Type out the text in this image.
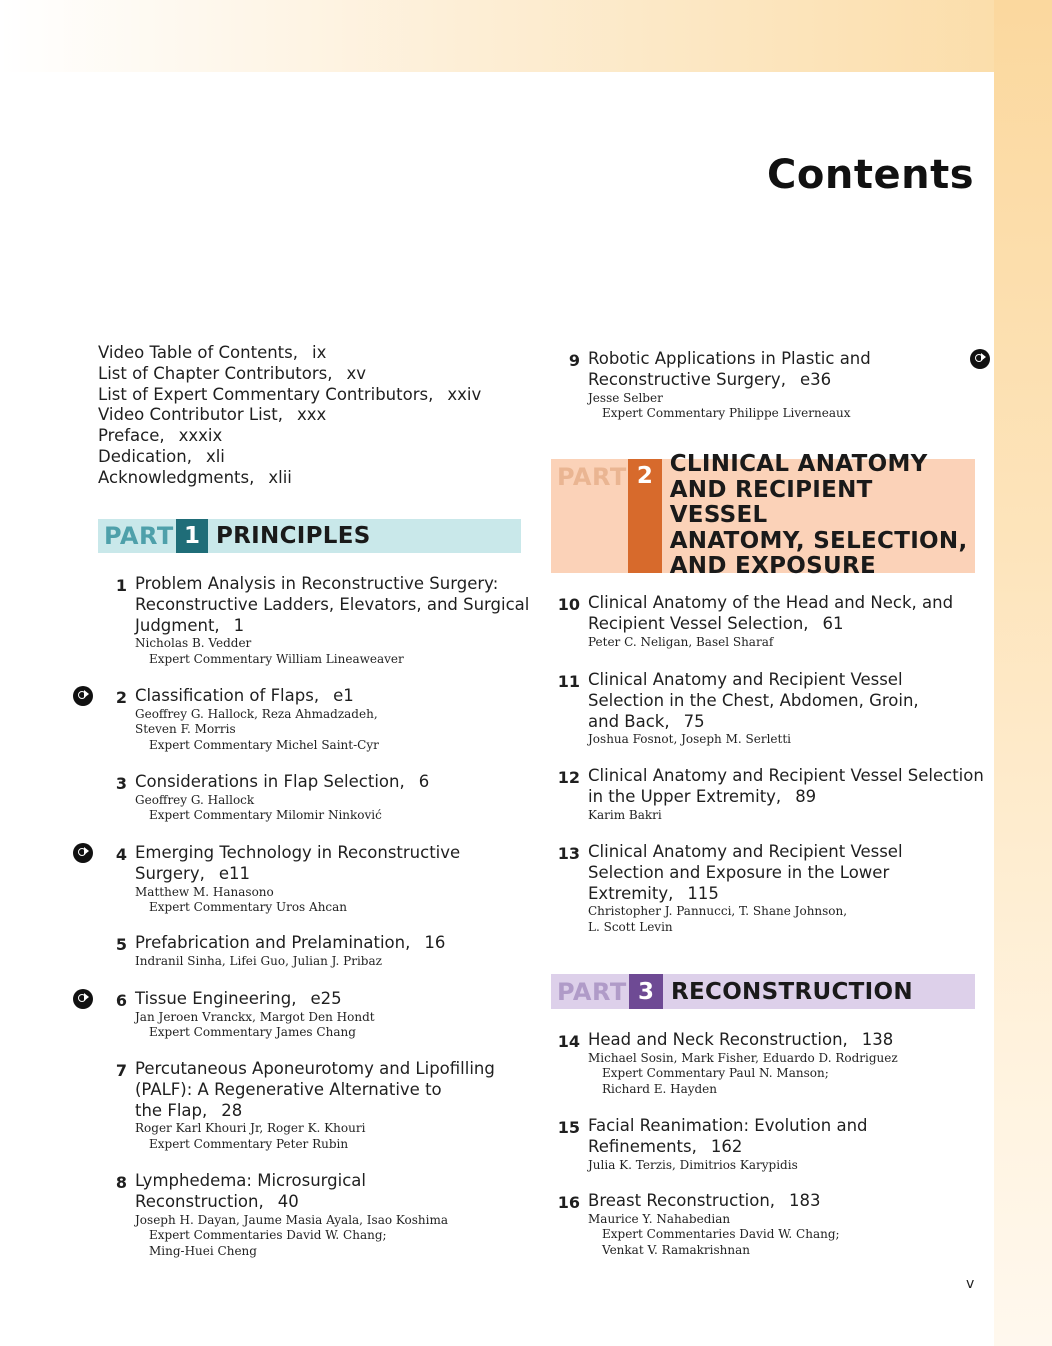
Contents
Video Table of Contents, ix
List of Chapter Contributors, xv
List of Expert Commentary Contributors, xxiv
Video Contributor List, xxx
Preface, xxxix
Dedication, xli
Acknowledgments, xlii
PART 1 PRINCIPLES
PART 2 CLINICAL ANATOMY
AND RECIPIENT VESSEL
ANATOMY, SELECTION,
AND EXPOSURE
PART 3 RECONSTRUCTION
1 Problem Analysis in Reconstructive Surgery:
Reconstructive Ladders, Elevators, and Surgical
Judgment, 1
Nicholas B. Vedder
Expert Commentary William Lineaweaver
2 Classification of Flaps, e1
Geoffrey G. Hallock, Reza Ahmadzadeh,
Steven F. Morris
Expert Commentary Michel Saint-Cyr
3 Considerations in Flap Selection, 6
Geoffrey G. Hallock
Expert Commentary Milomir Ninković
4 Emerging Technology in Reconstructive
Surgery, e11
Matthew M. Hanasono
Expert Commentary Uros Ahcan
5 Prefabrication and Prelamination, 16
Indranil Sinha, Lifei Guo, Julian J. Pribaz
6 Tissue Engineering, e25
Jan Jeroen Vranckx, Margot Den Hondt
Expert Commentary James Chang
7 Percutaneous Aponeurotomy and Lipofilling
(PALF): A Regenerative Alternative to
the Flap, 28
Roger Karl Khouri Jr, Roger K. Khouri
Expert Commentary Peter Rubin
8 Lymphedema: Microsurgical
Reconstruction, 40
Joseph H. Dayan, Jaume Masia Ayala, Isao Koshima
Expert Commentaries David W. Chang;
Ming-Huei Cheng
9 Robotic Applications in Plastic and
Reconstructive Surgery, e36
Jesse Selber
Expert Commentary Philippe Liverneaux
10 Clinical Anatomy of the Head and Neck, and
Recipient Vessel Selection, 61
Peter C. Neligan, Basel Sharaf
11 Clinical Anatomy and Recipient Vessel
Selection in the Chest, Abdomen, Groin,
and Back, 75
Joshua Fosnot, Joseph M. Serletti
12 Clinical Anatomy and Recipient Vessel Selection
in the Upper Extremity, 89
Karim Bakri
13 Clinical Anatomy and Recipient Vessel
Selection and Exposure in the Lower
Extremity, 115
Christopher J. Pannucci, T. Shane Johnson,
L. Scott Levin
14 Head and Neck Reconstruction, 138
Michael Sosin, Mark Fisher, Eduardo D. Rodriguez
Expert Commentary Paul N. Manson;
Richard E. Hayden
15 Facial Reanimation: Evolution and
Refinements, 162
Julia K. Terzis, Dimitrios Karypidis
16 Breast Reconstruction, 183
Maurice Y. Nahabedian
Expert Commentaries David W. Chang;
Venkat V. Ramakrishnan
v
